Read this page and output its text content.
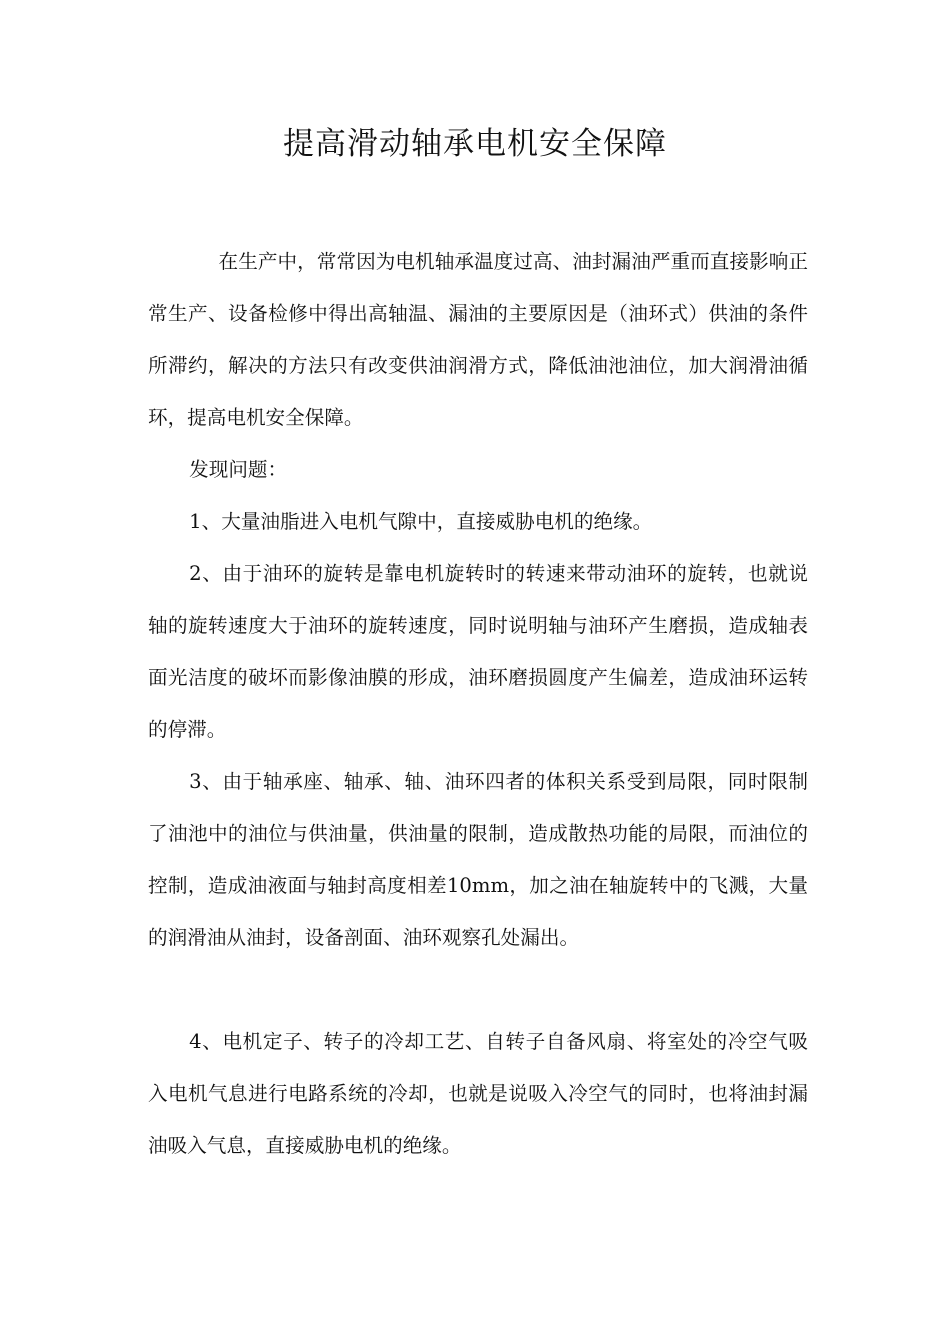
提高滑动轴承电机安全保障

在生产中，常常因为电机轴承温度过高、油封漏油严重而直接影响正常生产、设备检修中得出高轴温、漏油的主要原因是（油环式）供油的条件所滞约，解决的方法只有改变供油润滑方式，降低油池油位，加大润滑油循环，提高电机安全保障。

发现问题：

1、大量油脂进入电机气隙中，直接威胁电机的绝缘。

2、由于油环的旋转是靠电机旋转时的转速来带动油环的旋转，也就说轴的旋转速度大于油环的旋转速度，同时说明轴与油环产生磨损，造成轴表面光洁度的破坏而影像油膜的形成，油环磨损圆度产生偏差，造成油环运转的停滞。

3、由于轴承座、轴承、轴、油环四者的体积关系受到局限，同时限制了油池中的油位与供油量，供油量的限制，造成散热功能的局限，而油位的控制，造成油液面与轴封高度相差10mm，加之油在轴旋转中的飞溅，大量的润滑油从油封，设备剖面、油环观察孔处漏出。

4、电机定子、转子的冷却工艺、自转子自备风扇、将室处的冷空气吸入电机气息进行电路系统的冷却，也就是说吸入冷空气的同时，也将油封漏油吸入气息，直接威胁电机的绝缘。
